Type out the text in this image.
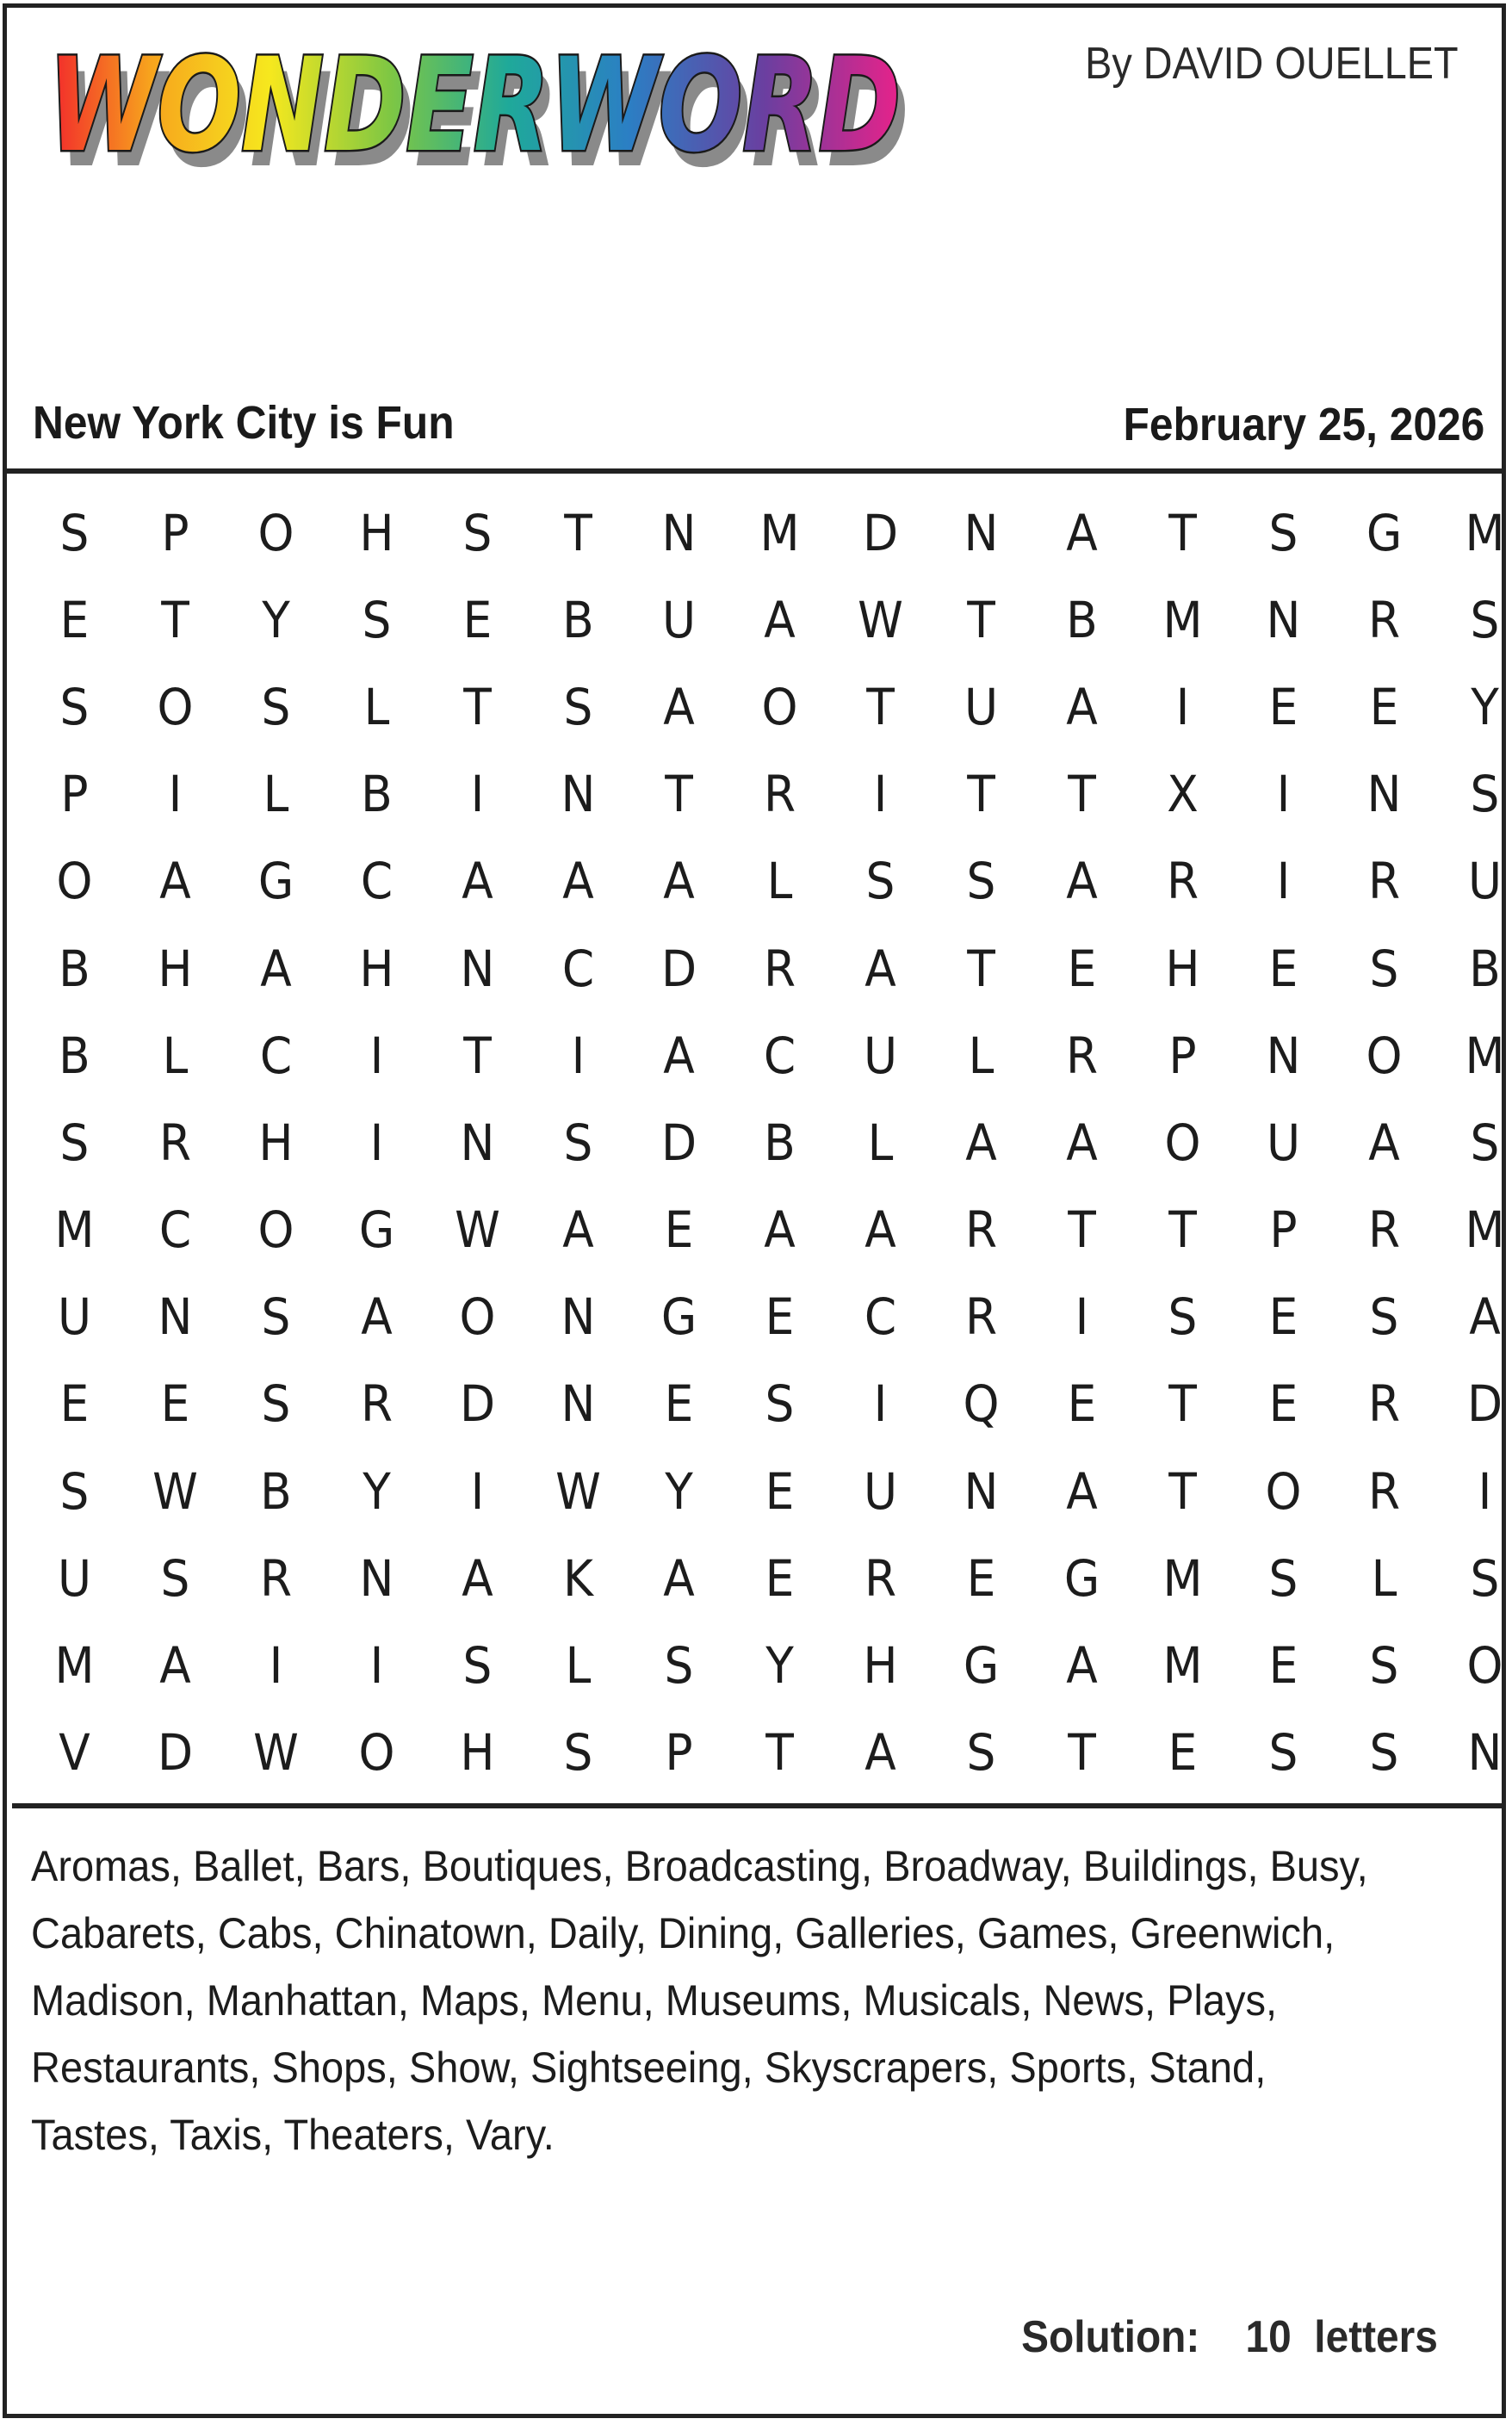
WONDERWORD
WONDERWORD	By DAVID OUELLET
New York City is Fun	February 25, 2026
S	P	O	H	S	T	N	M	D	N	A	T	S	G	M
E	T	Y	S	E	B	U	A	W	T	B	M	N	R	S
S	O	S	L	T	S	A	O	T	U	A	I	E	E	Y
P	I	L	B	I	N	T	R	I	T	T	X	I	N	S
O	A	G	C	A	A	A	L	S	S	A	R	I	R	U
B	H	A	H	N	C	D	R	A	T	E	H	E	S	B
B	L	C	I	T	I	A	C	U	L	R	P	N	O	M
S	R	H	I	N	S	D	B	L	A	A	O	U	A	S
M	C	O	G	W	A	E	A	A	R	T	T	P	R	M
U	N	S	A	O	N	G	E	C	R	I	S	E	S	A
E	E	S	R	D	N	E	S	I	Q	E	T	E	R	D
S	W	B	Y	I	W	Y	E	U	N	A	T	O	R	I
U	S	R	N	A	K	A	E	R	E	G	M	S	L	S
M	A	I	I	S	L	S	Y	H	G	A	M	E	S	O
V	D	W	O	H	S	P	T	A	S	T	E	S	S	N
Aromas, Ballet, Bars, Boutiques, Broadcasting, Broadway, Buildings, Busy, Cabarets, Cabs, Chinatown, Daily, Dining, Galleries, Games, Greenwich, Madison, Manhattan, Maps, Menu, Museums, Musicals, News, Plays, Restaurants, Shops, Show, Sightseeing, Skyscrapers, Sports, Stand, Tastes, Taxis, Theaters, Vary.
Solution: 10 letters
